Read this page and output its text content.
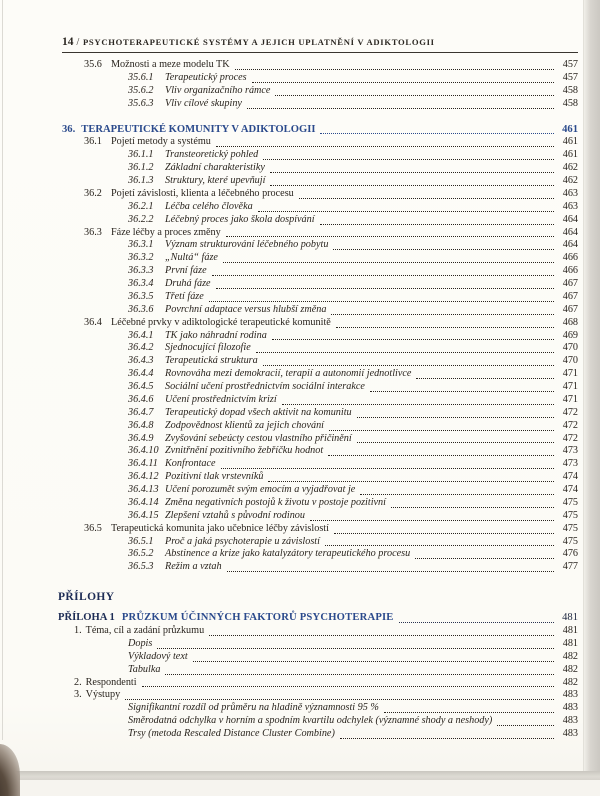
14 / PSYCHOTERAPEUTICKÉ SYSTÉMY A JEJICH UPLATNĚNÍ V ADIKTOLOGII
35.6 Možnosti a meze modelu TK	457
35.6.1	Terapeutický proces	457
35.6.2	Vliv organizačního rámce	458
35.6.3	Vliv cílové skupiny	458
36. TERAPEUTICKÉ KOMUNITY V ADIKTOLOGII	461
36.1 Pojetí metody a systému	461
36.1.1	Transteoretický pohled	461
36.1.2	Základní charakteristiky	462
36.1.3	Struktury, které upevňují	462
36.2 Pojetí závislosti, klienta a léčebného procesu	463
36.2.1	Léčba celého člověka	463
36.2.2	Léčebný proces jako škola dospívání	464
36.3 Fáze léčby a proces změny	464
36.3.1	Význam strukturování léčebného pobytu	464
36.3.2	„Nultá“ fáze	466
36.3.3	První fáze	466
36.3.4	Druhá fáze	467
36.3.5	Třetí fáze	467
36.3.6	Povrchní adaptace versus hlubší změna	467
36.4 Léčebné prvky v adiktologické terapeutické komunitě	468
36.4.1	TK jako náhradní rodina	469
36.4.2	Sjednocující filozofie	470
36.4.3	Terapeutická struktura	470
36.4.4	Rovnováha mezi demokracií, terapií a autonomií jednotlivce	471
36.4.5	Sociální učení prostřednictvím sociální interakce	471
36.4.6	Učení prostřednictvím krizí	471
36.4.7	Terapeutický dopad všech aktivit na komunitu	472
36.4.8	Zodpovědnost klientů za jejich chování	472
36.4.9	Zvyšování sebeúcty cestou vlastního přičinění	472
36.4.10 Zvnitřnění pozitivního žebříčku hodnot	473
36.4.11 Konfrontace	473
36.4.12 Pozitivní tlak vrstevníků	474
36.4.13 Učení porozumět svým emocím a vyjadřovat je	474
36.4.14 Změna negativních postojů k životu v postoje pozitivní	475
36.4.15 Zlepšení vztahů s původní rodinou	475
36.5 Terapeutická komunita jako učebnice léčby závislostí	475
36.5.1	Proč a jaká psychoterapie u závislostí	475
36.5.2	Abstinence a krize jako katalyzátory terapeutického procesu	476
36.5.3	Režim a vztah	477
PŘÍLOHY
PŘÍLOHA 1 PRŮZKUM ÚČINNÝCH FAKTORŮ PSYCHOTERAPIE	481
1. Téma, cíl a zadání průzkumu	481
Dopis	481
Výkladový text	482
Tabulka	482
2. Respondenti	482
3. Výstupy	483
Signifikantní rozdíl od průměru na hladině významnosti 95 %	483
Směrodatná odchylka v horním a spodním kvartilu odchylek (významné shody a neshody)	483
Trsy (metoda Rescaled Distance Cluster Combine)	483
